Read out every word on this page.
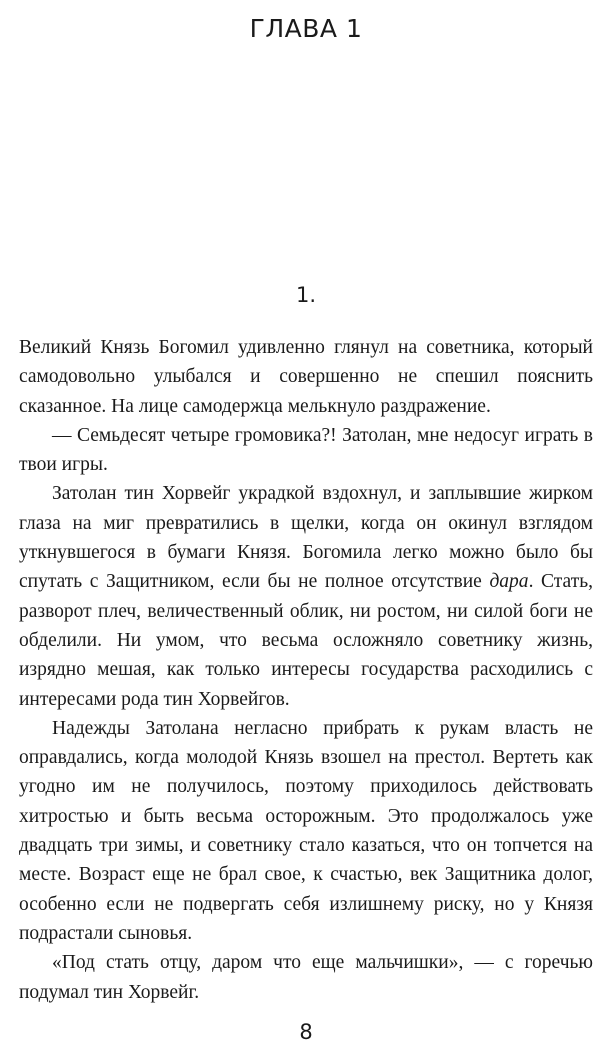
ГЛАВА 1
1.

Великий Князь Богомил удивленно глянул на советника, который самодовольно улыбался и совершенно не спешил пояснить сказанное. На лице самодержца мелькнуло раздражение.

— Семьдесят четыре громовика?! Затолан, мне недосуг играть в твои игры.

Затолан тин Хорвейг украдкой вздохнул, и заплывшие жирком глаза на миг превратились в щелки, когда он окинул взглядом уткнувшегося в бумаги Князя. Богомила легко можно было бы спутать с Защитником, если бы не полное отсутствие дара. Стать, разворот плеч, величественный облик, ни ростом, ни силой боги не обделили. Ни умом, что весьма осложняло советнику жизнь, изрядно мешая, как только интересы государства расходились с интересами рода тин Хорвейгов.

Надежды Затолана негласно прибрать к рукам власть не оправдались, когда молодой Князь взошел на престол. Вертеть как угодно им не получилось, поэтому приходилось действовать хитростью и быть весьма осторожным. Это продолжалось уже двадцать три зимы, и советнику стало казаться, что он топчется на месте. Возраст еще не брал свое, к счастью, век Защитника долог, особенно если не подвергать себя излишнему риску, но у Князя подрастали сыновья.

«Под стать отцу, даром что еще мальчишки», — с горечью подумал тин Хорвейг.

8
